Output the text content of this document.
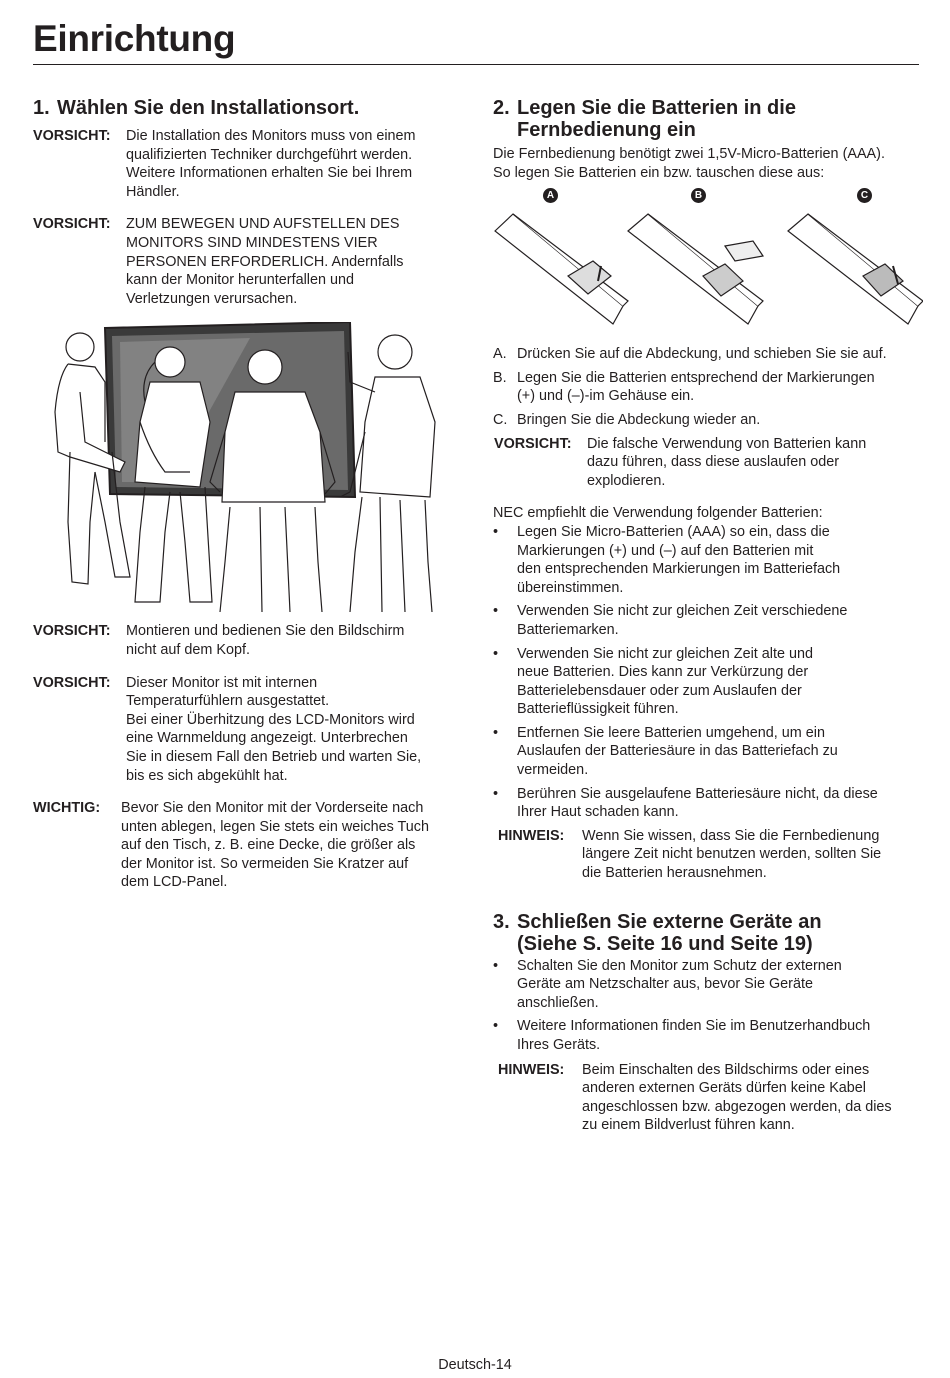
Einrichtung
1. Wählen Sie den Installationsort.
VORSICHT:	Die Installation des Monitors muss von einem
qualifizierten Techniker durchgeführt werden.
Weitere Informationen erhalten Sie bei Ihrem
Händler.
VORSICHT:	ZUM BEWEGEN UND AUFSTELLEN DES
MONITORS SIND MINDESTENS VIER
PERSONEN ERFORDERLICH. Andernfalls
kann der Monitor herunterfallen und
Verletzungen verursachen.
VORSICHT:	Montieren und bedienen Sie den Bildschirm
nicht auf dem Kopf.
VORSICHT:	Dieser Monitor ist mit internen
Temperaturfühlern ausgestattet.
Bei einer Überhitzung des LCD-Monitors wird
eine Warnmeldung angezeigt. Unterbrechen
Sie in diesem Fall den Betrieb und warten Sie,
bis es sich abgekühlt hat.
WICHTIG:	Bevor Sie den Monitor mit der Vorderseite nach
unten ablegen, legen Sie stets ein weiches Tuch
auf den Tisch, z. B. eine Decke, die größer als
der Monitor ist. So vermeiden Sie Kratzer auf
dem LCD-Panel.
2. Legen Sie die Batterien in die
Fernbedienung ein
Die Fernbedienung benötigt zwei 1,5V-Micro-Batterien (AAA).
So legen Sie Batterien ein bzw. tauschen diese aus:
A	B	C
A. Drücken Sie auf die Abdeckung, und schieben Sie sie auf.
B. Legen Sie die Batterien entsprechend der Markierungen
(+) und (–)-im Gehäuse ein.
C. Bringen Sie die Abdeckung wieder an.
VORSICHT:	Die falsche Verwendung von Batterien kann
dazu führen, dass diese auslaufen oder
explodieren.
NEC empfiehlt die Verwendung folgender Batterien:
•	Legen Sie Micro-Batterien (AAA) so ein, dass die
Markierungen (+) und (–) auf den Batterien mit
den entsprechenden Markierungen im Batteriefach
übereinstimmen.
•	Verwenden Sie nicht zur gleichen Zeit verschiedene
Batteriemarken.
•	Verwenden Sie nicht zur gleichen Zeit alte und
neue Batterien. Dies kann zur Verkürzung der
Batterielebensdauer oder zum Auslaufen der
Batterieflüssigkeit führen.
•	Entfernen Sie leere Batterien umgehend, um ein
Auslaufen der Batteriesäure in das Batteriefach zu
vermeiden.
•	Berühren Sie ausgelaufene Batteriesäure nicht, da diese
Ihrer Haut schaden kann.
HINWEIS:	Wenn Sie wissen, dass Sie die Fernbedienung
längere Zeit nicht benutzen werden, sollten Sie
die Batterien herausnehmen.
3. Schließen Sie externe Geräte an
(Siehe S. Seite 16 und Seite 19)
•	Schalten Sie den Monitor zum Schutz der externen
Geräte am Netzschalter aus, bevor Sie Geräte
anschließen.
•	Weitere Informationen finden Sie im Benutzerhandbuch
Ihres Geräts.
HINWEIS:	Beim Einschalten des Bildschirms oder eines
anderen externen Geräts dürfen keine Kabel
angeschlossen bzw. abgezogen werden, da dies
zu einem Bildverlust führen kann.
Deutsch-14
